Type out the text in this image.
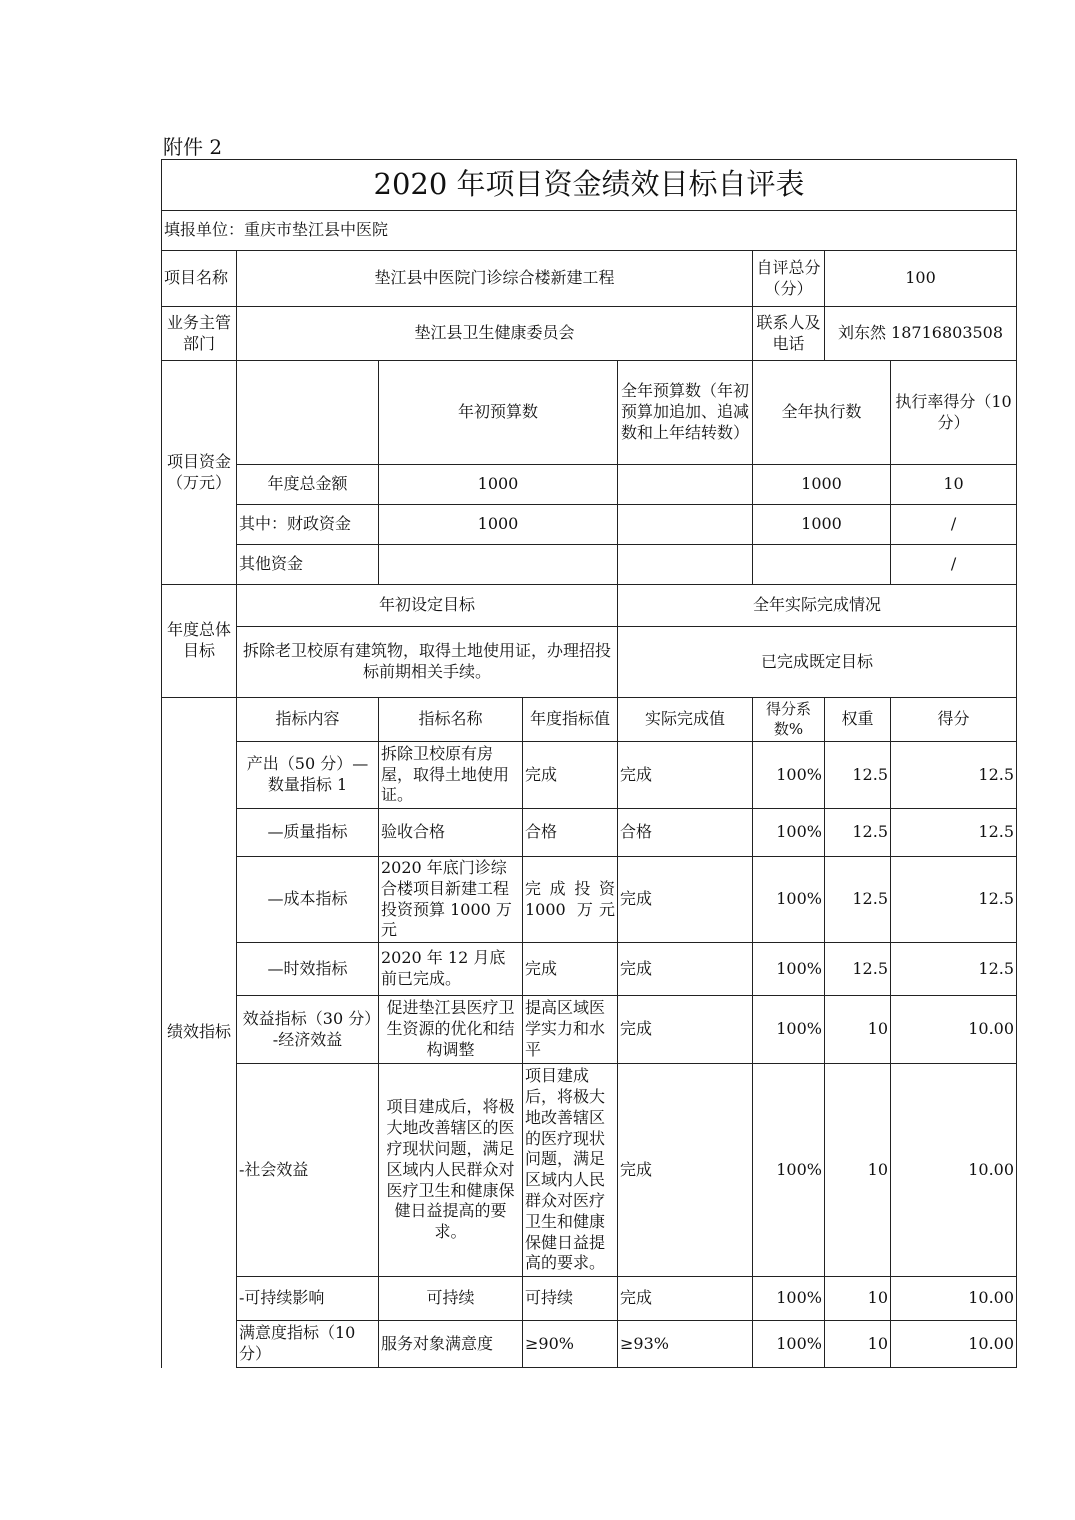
附件 2
2020 年项目资金绩效目标自评表							
填报单位：重庆市垫江县中医院							
项目名称	垫江县中医院门诊综合楼新建工程				自评总分（分）	100	
业务主管部门	垫江县卫生健康委员会				联系人及电话	刘东然 18716803508	
项目资金（万元）		年初预算数		全年预算数（年初预算加追加、追减数和上年结转数）	全年执行数		执行率得分（10 分）
	年度总金额	1000			1000		10
	其中：财政资金	1000			1000		/
	其他资金						/
年度总体目标	年初设定目标			全年实际完成情况			
	拆除老卫校原有建筑物，取得土地使用证，办理招投标前期相关手续。			已完成既定目标			
绩效指标	指标内容	指标名称	年度指标值	实际完成值	得分系数%	权重	得分
	产出（50 分）—数量指标 1	拆除卫校原有房屋，取得土地使用证。	完成	完成	100%	12.5	12.5
	—质量指标	验收合格	合格	合格	100%	12.5	12.5
	—成本指标	2020 年底门诊综合楼项目新建工程投资预算 1000 万元	完 成 投 资 1000 万元	完成	100%	12.5	12.5
	—时效指标	2020 年 12 月底前已完成。	完成	完成	100%	12.5	12.5
	效益指标（30 分）-经济效益	促进垫江县医疗卫生资源的优化和结构调整	提高区域医学实力和水平	完成	100%	10	10.00
	-社会效益	项目建成后，将极大地改善辖区的医疗现状问题，满足区域内人民群众对医疗卫生和健康保健日益提高的要求。	项目建成后，将极大地改善辖区的医疗现状问题，满足区域内人民群众对医疗卫生和健康保健日益提高的要求。	完成	100%	10	10.00
	-可持续影响	可持续	可持续	完成	100%	10	10.00
	满意度指标（10 分）	服务对象满意度	≥90%	≥93%	100%	10	10.00
